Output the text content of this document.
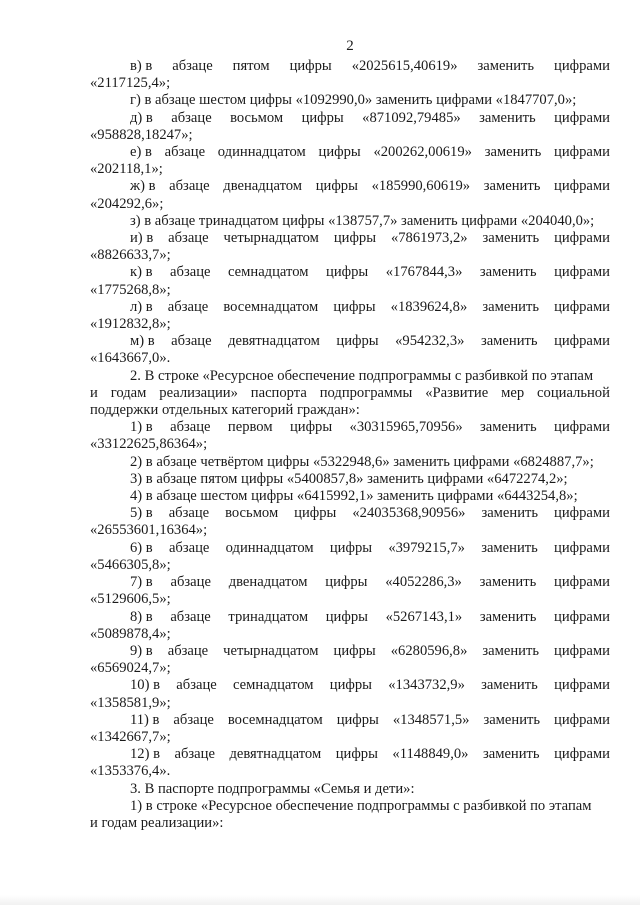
2
в) в абзаце пятом цифры «2025615,40619» заменить цифрами
«2117125,4»;
г) в абзаце шестом цифры «1092990,0» заменить цифрами «1847707,0»;
д) в абзаце восьмом цифры «871092,79485» заменить цифрами
«958828,18247»;
е) в абзаце одиннадцатом цифры «200262,00619» заменить цифрами
«202118,1»;
ж) в абзаце двенадцатом цифры «185990,60619» заменить цифрами
«204292,6»;
з) в абзаце тринадцатом цифры «138757,7» заменить цифрами «204040,0»;
и) в абзаце четырнадцатом цифры «7861973,2» заменить цифрами
«8826633,7»;
к) в абзаце семнадцатом цифры «1767844,3» заменить цифрами
«1775268,8»;
л) в абзаце восемнадцатом цифры «1839624,8» заменить цифрами
«1912832,8»;
м) в абзаце девятнадцатом цифры «954232,3» заменить цифрами
«1643667,0».
2. В строке «Ресурсное обеспечение подпрограммы с разбивкой по этапам
и годам реализации» паспорта подпрограммы «Развитие мер социальной
поддержки отдельных категорий граждан»:
1) в абзаце первом цифры «30315965,70956» заменить цифрами
«33122625,86364»;
2) в абзаце четвёртом цифры «5322948,6» заменить цифрами «6824887,7»;
3) в абзаце пятом цифры «5400857,8» заменить цифрами «6472274,2»;
4) в абзаце шестом цифры «6415992,1» заменить цифрами «6443254,8»;
5) в абзаце восьмом цифры «24035368,90956» заменить цифрами
«26553601,16364»;
6) в абзаце одиннадцатом цифры «3979215,7» заменить цифрами
«5466305,8»;
7) в абзаце двенадцатом цифры «4052286,3» заменить цифрами
«5129606,5»;
8) в абзаце тринадцатом цифры «5267143,1» заменить цифрами
«5089878,4»;
9) в абзаце четырнадцатом цифры «6280596,8» заменить цифрами
«6569024,7»;
10) в абзаце семнадцатом цифры «1343732,9» заменить цифрами
«1358581,9»;
11) в абзаце восемнадцатом цифры «1348571,5» заменить цифрами
«1342667,7»;
12) в абзаце девятнадцатом цифры «1148849,0» заменить цифрами
«1353376,4».
3. В паспорте подпрограммы «Семья и дети»:
1) в строке «Ресурсное обеспечение подпрограммы с разбивкой по этапам
и годам реализации»:
